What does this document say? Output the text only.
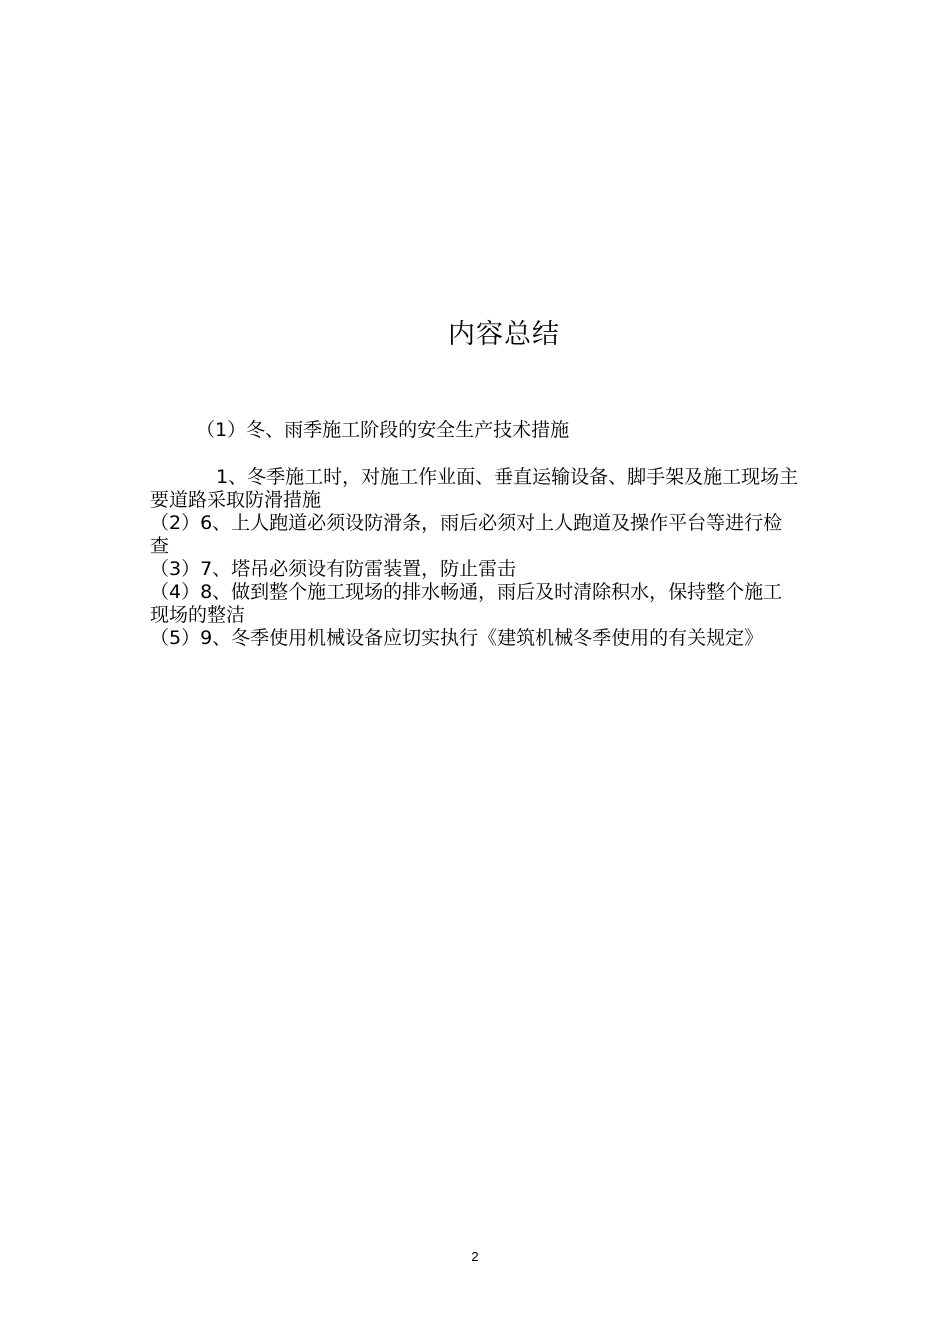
内容总结
（1）冬、雨季施工阶段的安全生产技术措施

1、冬季施工时，对施工作业面、垂直运输设备、脚手架及施工现场主要道路采取防滑措施

（2）6、上人跑道必须设防滑条，雨后必须对上人跑道及操作平台等进行检查

（3）7、塔吊必须设有防雷装置，防止雷击

（4）8、做到整个施工现场的排水畅通，雨后及时清除积水，保持整个施工现场的整洁

（5）9、冬季使用机械设备应切实执行《建筑机械冬季使用的有关规定》

2
